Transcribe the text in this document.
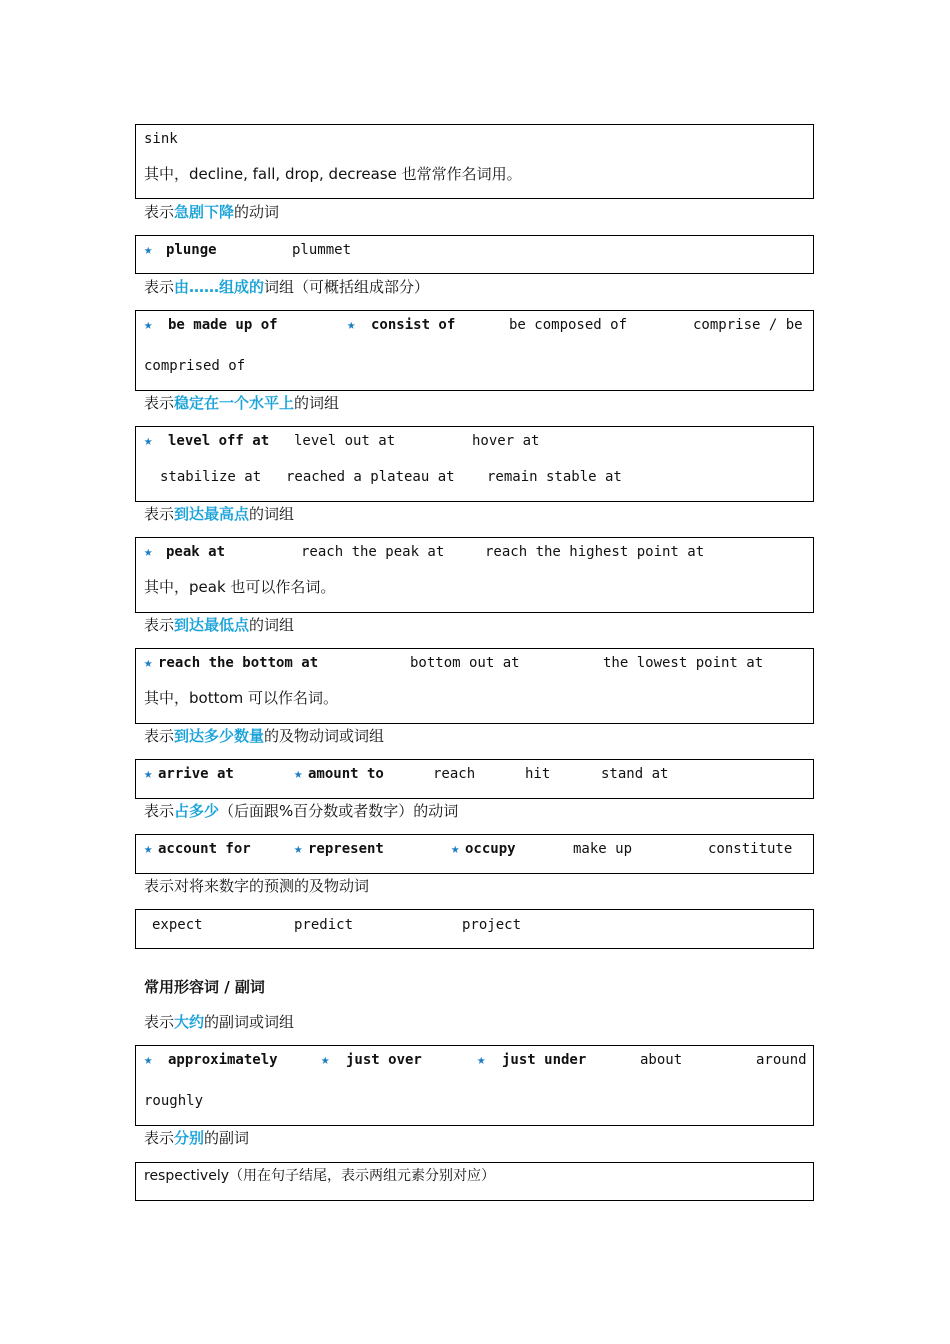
sink
其中，decline, fall, drop, decrease 也常常作名词用。
表示急剧下降的动词
★ plunge	plummet
表示由……组成的词组（可概括组成部分）
★ be made up of	★ consist of	be composed of	comprise / be
comprised of
表示稳定在一个水平上的词组
★ level off at level out at	hover at
stabilize at reached a plateau at remain stable at
表示到达最高点的词组
★ peak at	reach the peak at	reach the highest point at
其中，peak 也可以作名词。
表示到达最低点的词组
★ reach the bottom at	bottom out at	the lowest point at
其中，bottom 可以作名词。
表示到达多少数量的及物动词或词组
★ arrive at	★ amount to	reach	hit	stand at
表示占多少（后面跟%百分数或者数字）的动词
★ account for	★ represent	★ occupy	make up	constitute
表示对将来数字的预测的及物动词
expect	predict	project
常用形容词 / 副词
表示大约的副词或词组
★ approximately	★ just over	★ just under	about	around
roughly
表示分别的副词
respectively（用在句子结尾，表示两组元素分别对应）
